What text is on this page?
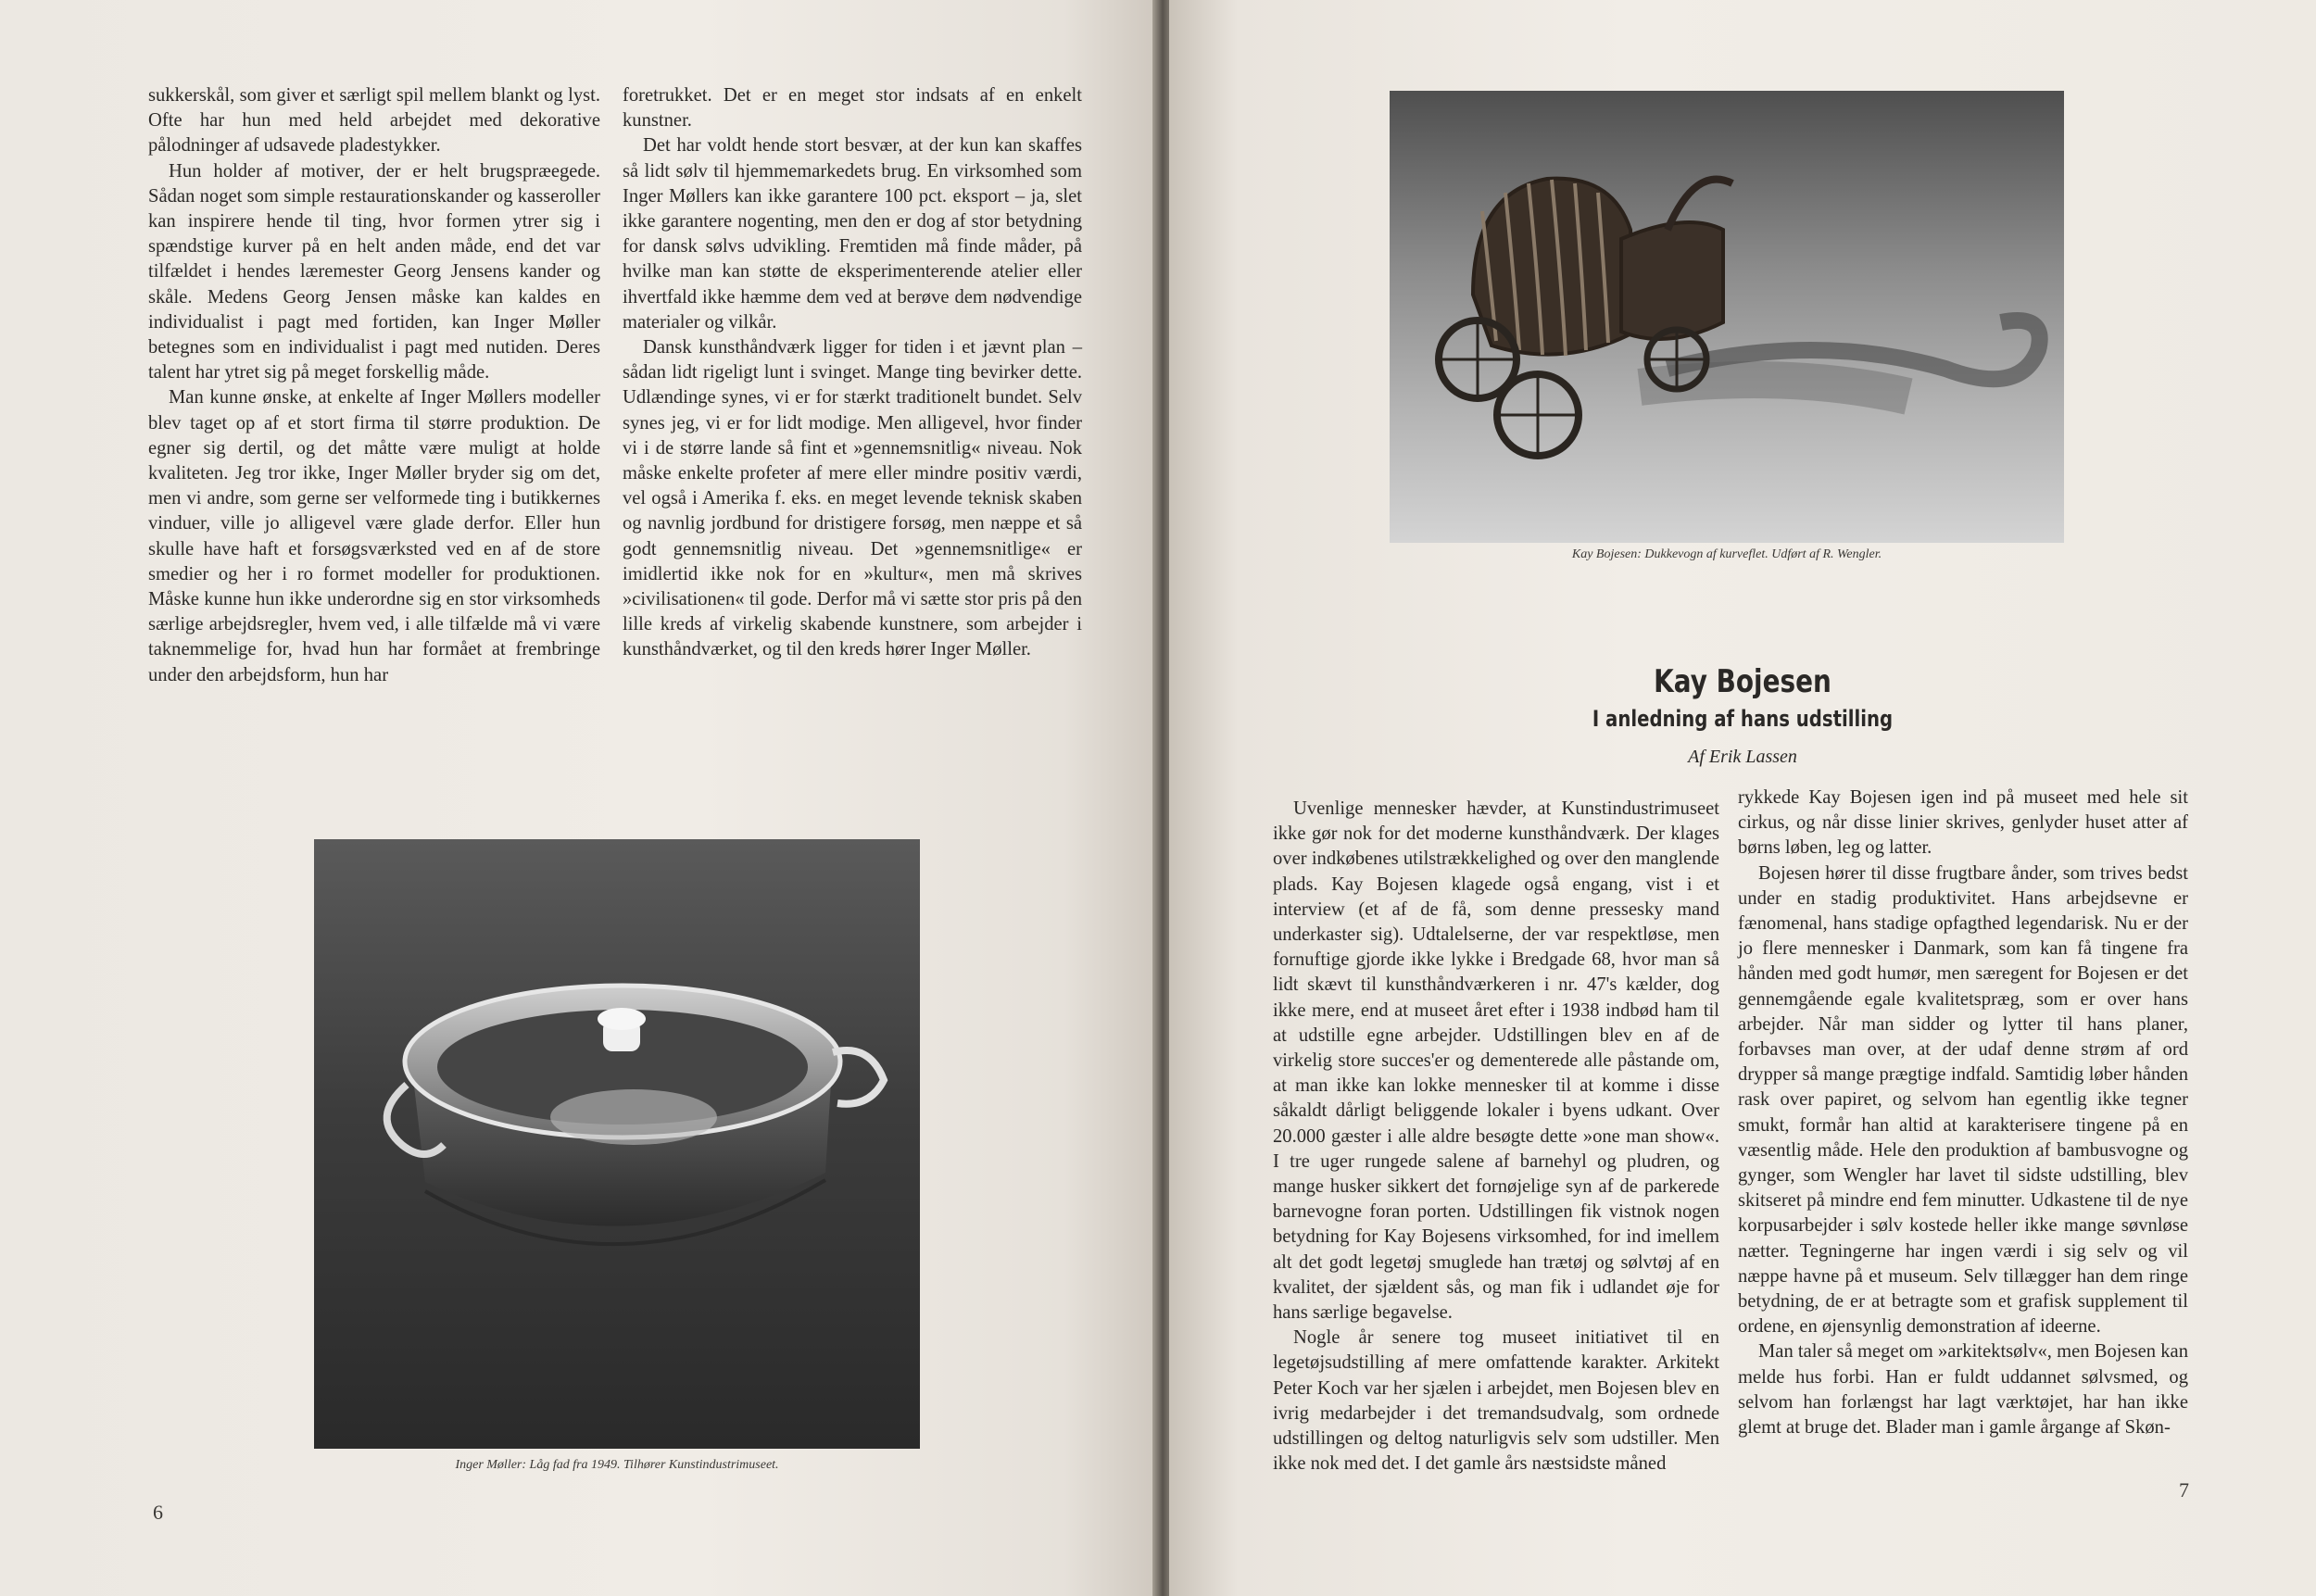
sukkerskål, som giver et særligt spil mellem blankt og lyst. Ofte har hun med held arbejdet med dekorative pålodninger af udsavede pladestykker.

Hun holder af motiver, der er helt brugspræegede. Sådan noget som simple restaurationskander og kasseroller kan inspirere hende til ting, hvor formen ytrer sig i spændstige kurver på en helt anden måde, end det var tilfældet i hendes læremester Georg Jensens kander og skåle. Medens Georg Jensen måske kan kaldes en individualist i pagt med fortiden, kan Inger Møller betegnes som en individualist i pagt med nutiden. Deres talent har ytret sig på meget forskellig måde.

Man kunne ønske, at enkelte af Inger Møllers modeller blev taget op af et stort firma til større produktion. De egner sig dertil, og det måtte være muligt at holde kvaliteten. Jeg tror ikke, Inger Møller bryder sig om det, men vi andre, som gerne ser velformede ting i butikkernes vinduer, ville jo alligevel være glade derfor. Eller hun skulle have haft et forsøgsværksted ved en af de store smedier og her i ro formet modeller for produktionen. Måske kunne hun ikke underordne sig en stor virksomheds særlige arbejdsregler, hvem ved, i alle tilfælde må vi være taknemmelige for, hvad hun har formået at frembringe under den arbejdsform, hun har

foretrukket. Det er en meget stor indsats af en enkelt kunstner.

Det har voldt hende stort besvær, at der kun kan skaffes så lidt sølv til hjemmemarkedets brug. En virksomhed som Inger Møllers kan ikke garantere 100 pct. eksport – ja, slet ikke garantere nogenting, men den er dog af stor betydning for dansk sølvs udvikling. Fremtiden må finde måder, på hvilke man kan støtte de eksperimenterende atelier eller ihvertfald ikke hæmme dem ved at berøve dem nødvendige materialer og vilkår.

Dansk kunsthåndværk ligger for tiden i et jævnt plan – sådan lidt rigeligt lunt i svinget. Mange ting bevirker dette. Udlændinge synes, vi er for stærkt traditionelt bundet. Selv synes jeg, vi er for lidt modige. Men alligevel, hvor finder vi i de større lande så fint et »gennemsnitlig« niveau. Nok måske enkelte profeter af mere eller mindre positiv værdi, vel også i Amerika f. eks. en meget levende teknisk skaben og navnlig jordbund for dristigere forsøg, men næppe et så godt gennemsnitlig niveau. Det »gennemsnitlige« er imidlertid ikke nok for en »kultur«, men må skrives »civilisationen« til gode. Derfor må vi sætte stor pris på den lille kreds af virkelig skabende kunstnere, som arbejder i kunsthåndværket, og til den kreds hører Inger Møller.

Inger Møller: Låg fad fra 1949. Tilhører Kunstindustrimuseet.
6
Kay Bojesen: Dukkevogn af kurveflet. Udført af R. Wengler.
Kay Bojesen
I anledning af hans udstilling
Af Erik Lassen

Uvenlige mennesker hævder, at Kunstindustrimuseet ikke gør nok for det moderne kunsthåndværk. Der klages over indkøbenes utilstrækkelighed og over den manglende plads. Kay Bojesen klagede også engang, vist i et interview (et af de få, som denne pressesky mand underkaster sig). Udtalelserne, der var respektløse, men fornuftige gjorde ikke lykke i Bredgade 68, hvor man så lidt skævt til kunsthåndværkeren i nr. 47's kælder, dog ikke mere, end at museet året efter i 1938 indbød ham til at udstille egne arbejder. Udstillingen blev en af de virkelig store succes'er og dementerede alle påstande om, at man ikke kan lokke mennesker til at komme i disse såkaldt dårligt beliggende lokaler i byens udkant. Over 20.000 gæster i alle aldre besøgte dette »one man show«. I tre uger rungede salene af barnehyl og pludren, og mange husker sikkert det fornøjelige syn af de parkerede barnevogne foran porten. Udstillingen fik vistnok nogen betydning for Kay Bojesens virksomhed, for ind imellem alt det godt legetøj smuglede han trætøj og sølvtøj af en kvalitet, der sjældent sås, og man fik i udlandet øje for hans særlige begavelse.

Nogle år senere tog museet initiativet til en legetøjsudstilling af mere omfattende karakter. Arkitekt Peter Koch var her sjælen i arbejdet, men Bojesen blev en ivrig medarbejder i det tremandsudvalg, som ordnede udstillingen og deltog naturligvis selv som udstiller. Men ikke nok med det. I det gamle års næstsidste måned

rykkede Kay Bojesen igen ind på museet med hele sit cirkus, og når disse linier skrives, genlyder huset atter af børns løben, leg og latter.

Bojesen hører til disse frugtbare ånder, som trives bedst under en stadig produktivitet. Hans arbejdsevne er fænomenal, hans stadige opfagthed legendarisk. Nu er der jo flere mennesker i Danmark, som kan få tingene fra hånden med godt humør, men særegent for Bojesen er det gennemgående egale kvalitetspræg, som er over hans arbejder. Når man sidder og lytter til hans planer, forbavses man over, at der udaf denne strøm af ord drypper så mange prægtige indfald. Samtidig løber hånden rask over papiret, og selvom han egentlig ikke tegner smukt, formår han altid at karakterisere tingene på en væsentlig måde. Hele den produktion af bambusvogne og gynger, som Wengler har lavet til sidste udstilling, blev skitseret på mindre end fem minutter. Udkastene til de nye korpusarbejder i sølv kostede heller ikke mange søvnløse nætter. Tegningerne har ingen værdi i sig selv og vil næppe havne på et museum. Selv tillægger han dem ringe betydning, de er at betragte som et grafisk supplement til ordene, en øjensynlig demonstration af ideerne.

Man taler så meget om »arkitektsølv«, men Bojesen kan melde hus forbi. Han er fuldt uddannet sølvsmed, og selvom han forlængst har lagt værktøjet, har han ikke glemt at bruge det. Blader man i gamle årgange af Skøn-

7
